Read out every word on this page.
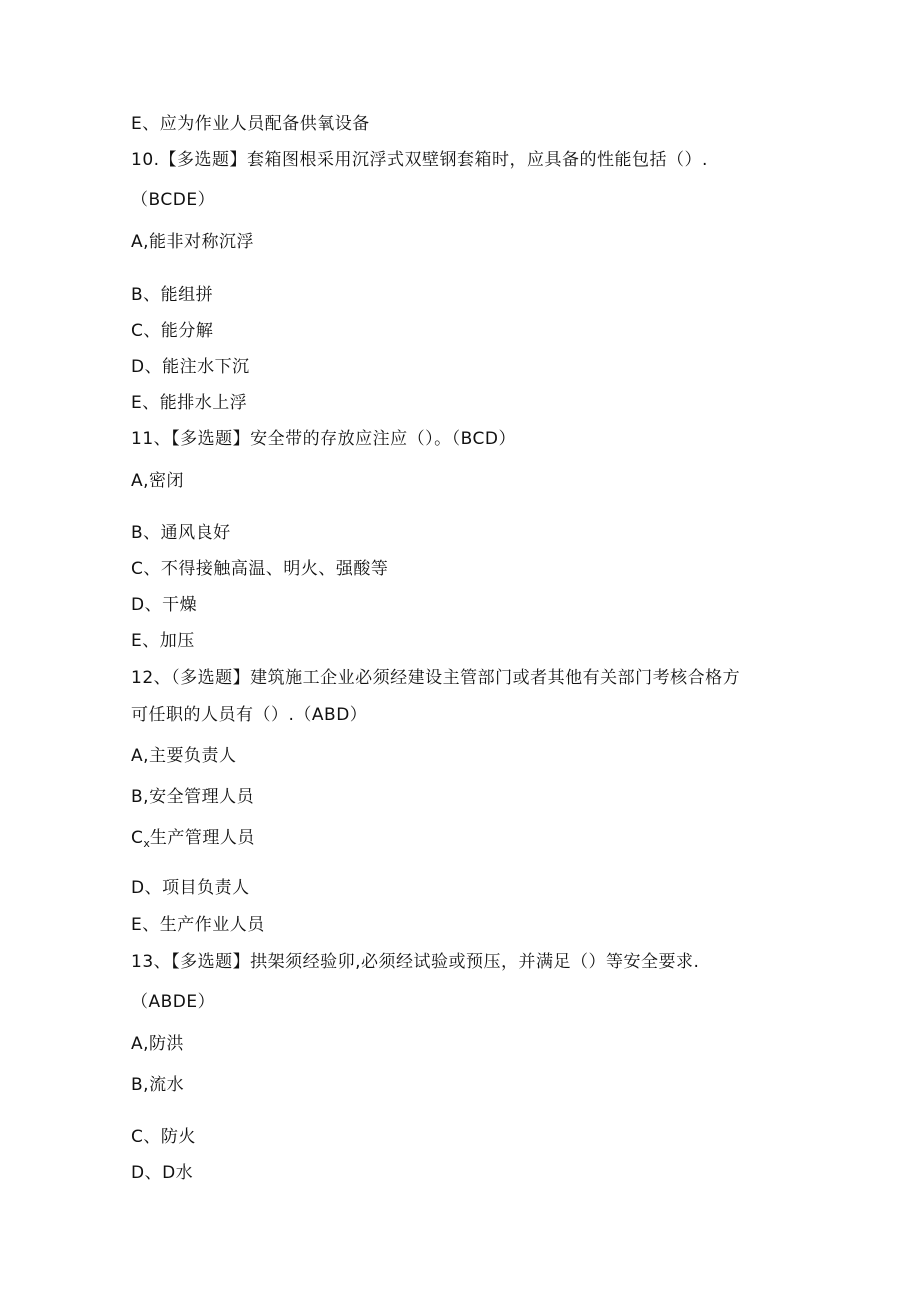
E、应为作业人员配备供氧设备
10.【多选题】套箱图根采用沉浮式双壁钢套箱时，应具备的性能包括（）.
（BCDE）
A,能非对称沉浮
B、能组拼
C、能分解
D、能注水下沉
E、能排水上浮
11、【多选题】安全带的存放应注应（）。（BCD）
A,密闭
B、通风良好
C、不得接触高温、明火、强酸等
D、干燥
E、加压
12、（多选题】建筑施工企业必须经建设主管部门或者其他有关部门考核合格方
可任职的人员有（）.（ABD）
A,主要负责人
B,安全管理人员
$C_x$生产管理人员
D、项目负责人
E、生产作业人员
13、【多选题】拱架须经验卯,必须经试验或预压，并满足（）等安全要求.
（ABDE）
A,防洪
B,流水
C、防火
D、D水
